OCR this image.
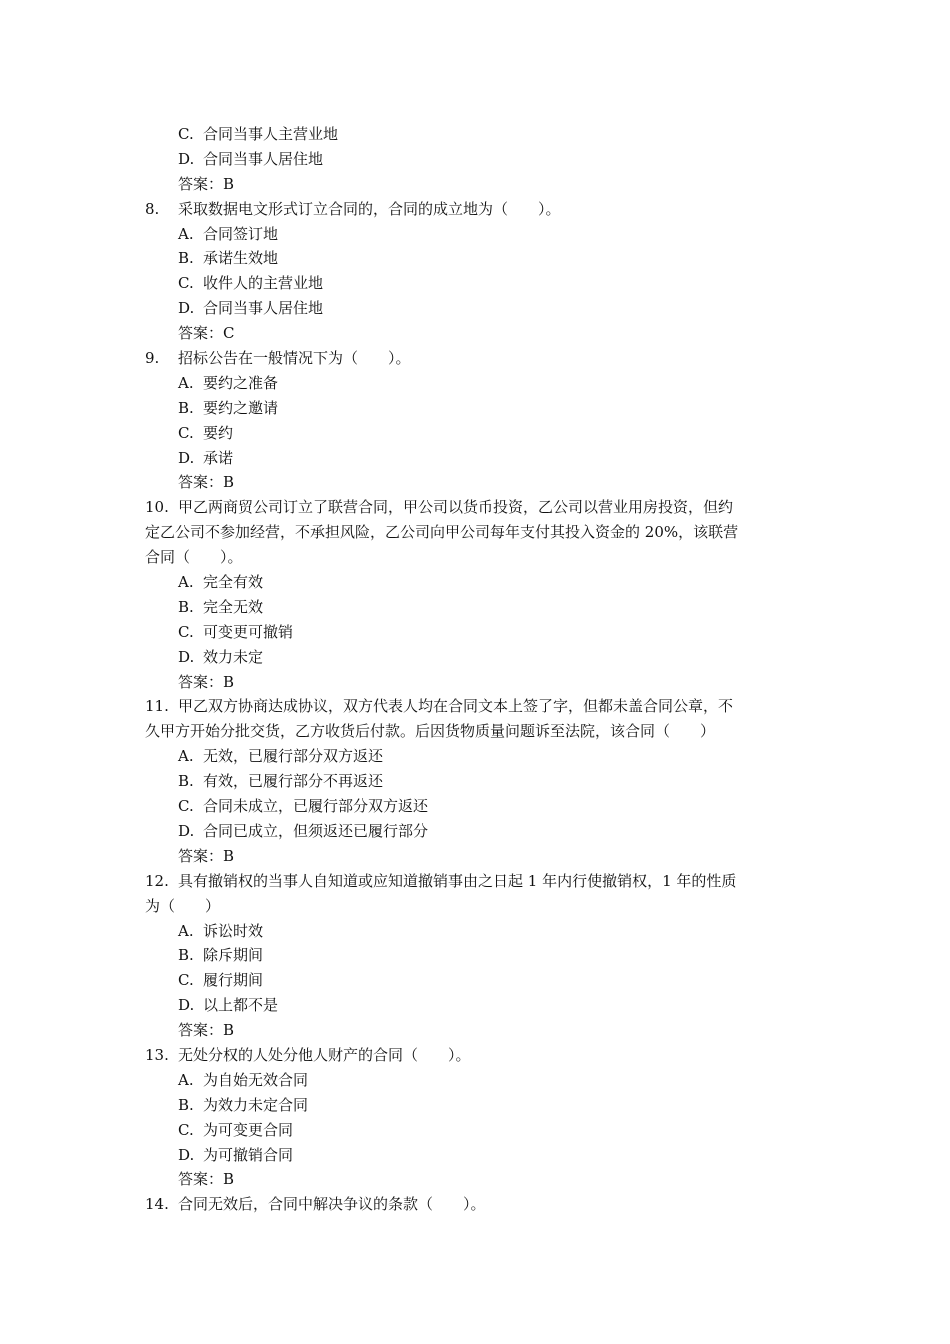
C. 合同当事人主营业地
D. 合同当事人居住地
答案：B
8. 采取数据电文形式订立合同的，合同的成立地为（　　）。
A. 合同签订地
B. 承诺生效地
C. 收件人的主营业地
D. 合同当事人居住地
答案：C
9. 招标公告在一般情况下为（　　）。
A. 要约之准备
B. 要约之邀请
C. 要约
D. 承诺
答案：B
10. 甲乙两商贸公司订立了联营合同，甲公司以货币投资，乙公司以营业用房投资，但约
定乙公司不参加经营，不承担风险，乙公司向甲公司每年支付其投入资金的 20%，该联营
合同（　　）。
A. 完全有效
B. 完全无效
C. 可变更可撤销
D. 效力未定
答案：B
11. 甲乙双方协商达成协议，双方代表人均在合同文本上签了字，但都未盖合同公章，不
久甲方开始分批交货，乙方收货后付款。后因货物质量问题诉至法院，该合同（　　）
A. 无效，已履行部分双方返还
B. 有效，已履行部分不再返还
C. 合同未成立，已履行部分双方返还
D. 合同已成立，但须返还已履行部分
答案：B
12. 具有撤销权的当事人自知道或应知道撤销事由之日起 1 年内行使撤销权，1 年的性质
为（　　）
A. 诉讼时效
B. 除斥期间
C. 履行期间
D. 以上都不是
答案：B
13. 无处分权的人处分他人财产的合同（　　）。
A. 为自始无效合同
B. 为效力未定合同
C. 为可变更合同
D. 为可撤销合同
答案：B
14. 合同无效后，合同中解决争议的条款（　　）。
